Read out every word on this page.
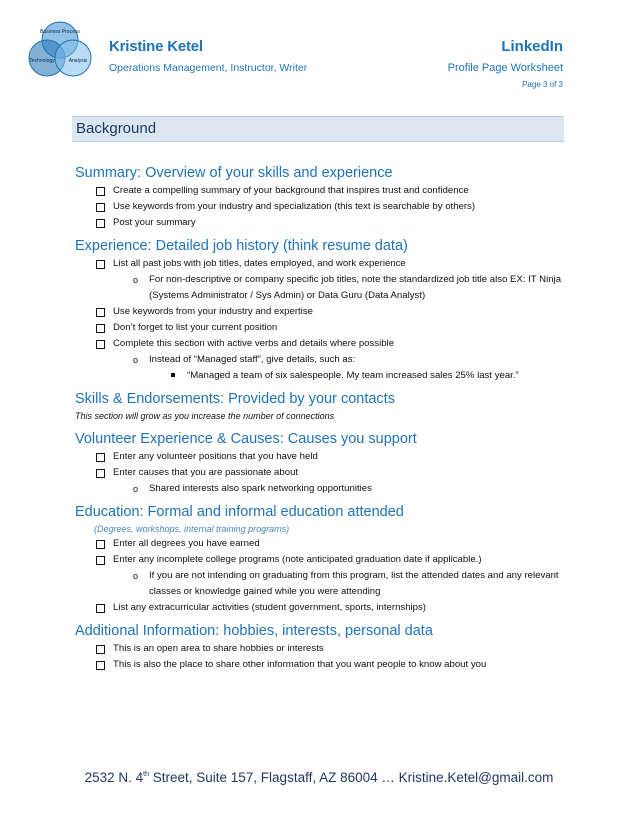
Business Process
Technology	Analysis
Kristine Ketel
Operations Management, Instructor, Writer
LinkedIn
Profile Page Worksheet
Page 3 of 3
Background
Summary: Overview of your skills and experience
Create a compelling summary of your background that inspires trust and confidence
Use keywords from your industry and specialization (this text is searchable by others)
Post your summary
Experience: Detailed job history (think resume data)
List all past jobs with job titles, dates employed, and work experience
o For non-descriptive or company specific job titles, note the standardized job title also EX: IT Ninja (Systems Administrator / Sys Admin) or Data Guru (Data Analyst)
Use keywords from your industry and expertise
Don’t forget to list your current position
Complete this section with active verbs and details where possible
o Instead of “Managed staff”, give details, such as:
“Managed a team of six salespeople. My team increased sales 25% last year.”
Skills & Endorsements: Provided by your contacts
This section will grow as you increase the number of connections
Volunteer Experience & Causes: Causes you support
Enter any volunteer positions that you have held
Enter causes that you are passionate about
o Shared interests also spark networking opportunities
Education: Formal and informal education attended
(Degrees, workshops, internal training programs)
Enter all degrees you have earned
Enter any incomplete college programs (note anticipated graduation date if applicable.)
o If you are not intending on graduating from this program, list the attended dates and any relevant classes or knowledge gained while you were attending
List any extracurricular activities (student government, sports, internships)
Additional Information: hobbies, interests, personal data
This is an open area to share hobbies or interests
This is also the place to share other information that you want people to know about you
2532 N. 4th Street, Suite 157, Flagstaff, AZ 86004 … Kristine.Ketel@gmail.com
